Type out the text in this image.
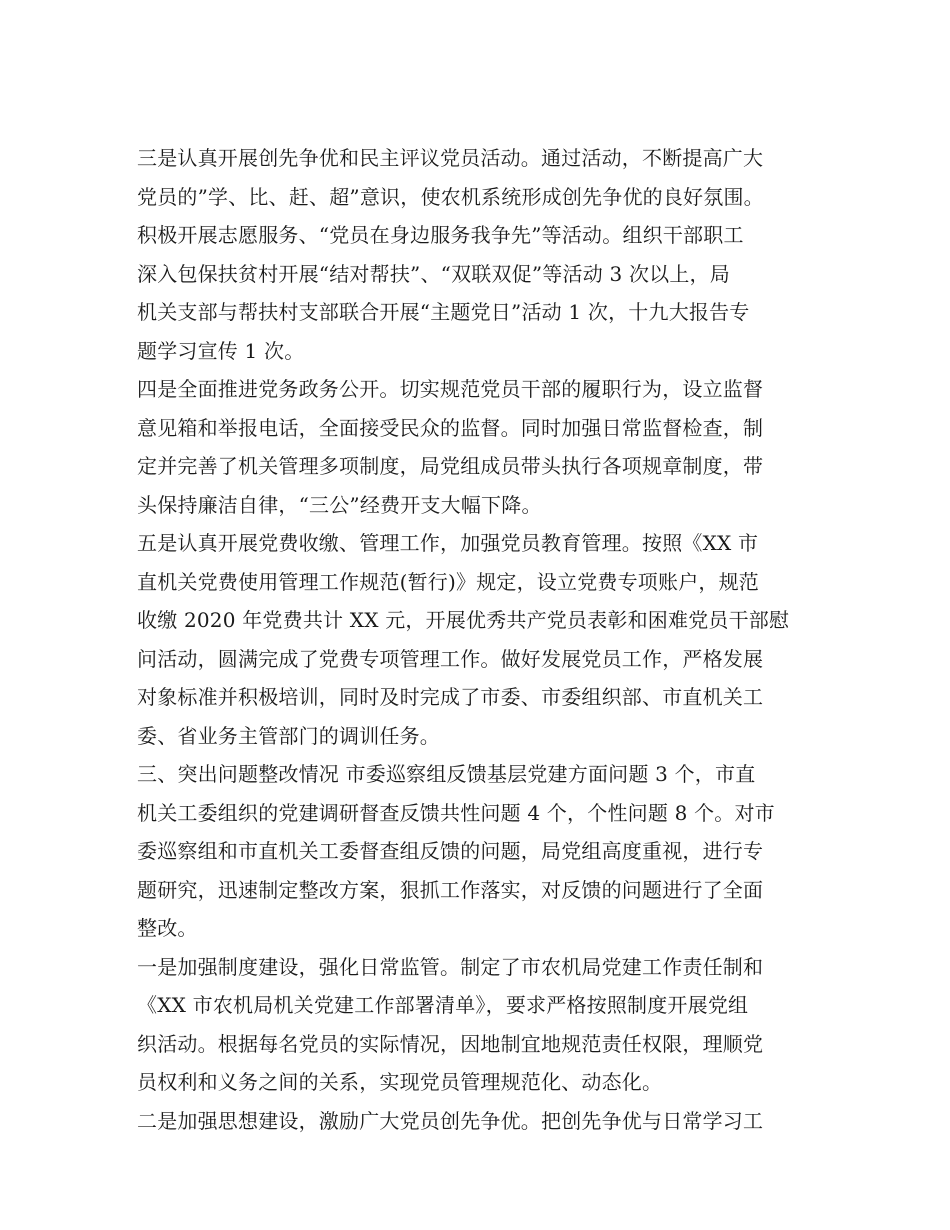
三是认真开展创先争优和民主评议党员活动。通过活动，不断提高广大
党员的”学、比、赶、超”意识，使农机系统形成创先争优的良好氛围。
积极开展志愿服务、“党员在身边服务我争先”等活动。组织干部职工
深入包保扶贫村开展“结对帮扶”、“双联双促”等活动 3 次以上，局
机关支部与帮扶村支部联合开展“主题党日”活动 1 次，十九大报告专
题学习宣传 1 次。
四是全面推进党务政务公开。切实规范党员干部的履职行为，设立监督
意见箱和举报电话，全面接受民众的监督。同时加强日常监督检查，制
定并完善了机关管理多项制度，局党组成员带头执行各项规章制度，带
头保持廉洁自律，“三公”经费开支大幅下降。
五是认真开展党费收缴、管理工作，加强党员教育管理。按照《XX 市
直机关党费使用管理工作规范(暂行)》规定，设立党费专项账户，规范
收缴 2020 年党费共计 XX 元，开展优秀共产党员表彰和困难党员干部慰
问活动，圆满完成了党费专项管理工作。做好发展党员工作，严格发展
对象标准并积极培训，同时及时完成了市委、市委组织部、市直机关工
委、省业务主管部门的调训任务。
三、突出问题整改情况 市委巡察组反馈基层党建方面问题 3 个，市直
机关工委组织的党建调研督查反馈共性问题 4 个，个性问题 8 个。对市
委巡察组和市直机关工委督查组反馈的问题，局党组高度重视，进行专
题研究，迅速制定整改方案，狠抓工作落实，对反馈的问题进行了全面
整改。
一是加强制度建设，强化日常监管。制定了市农机局党建工作责任制和
《XX 市农机局机关党建工作部署清单》，要求严格按照制度开展党组
织活动。根据每名党员的实际情况，因地制宜地规范责任权限，理顺党
员权利和义务之间的关系，实现党员管理规范化、动态化。
二是加强思想建设，激励广大党员创先争优。把创先争优与日常学习工
